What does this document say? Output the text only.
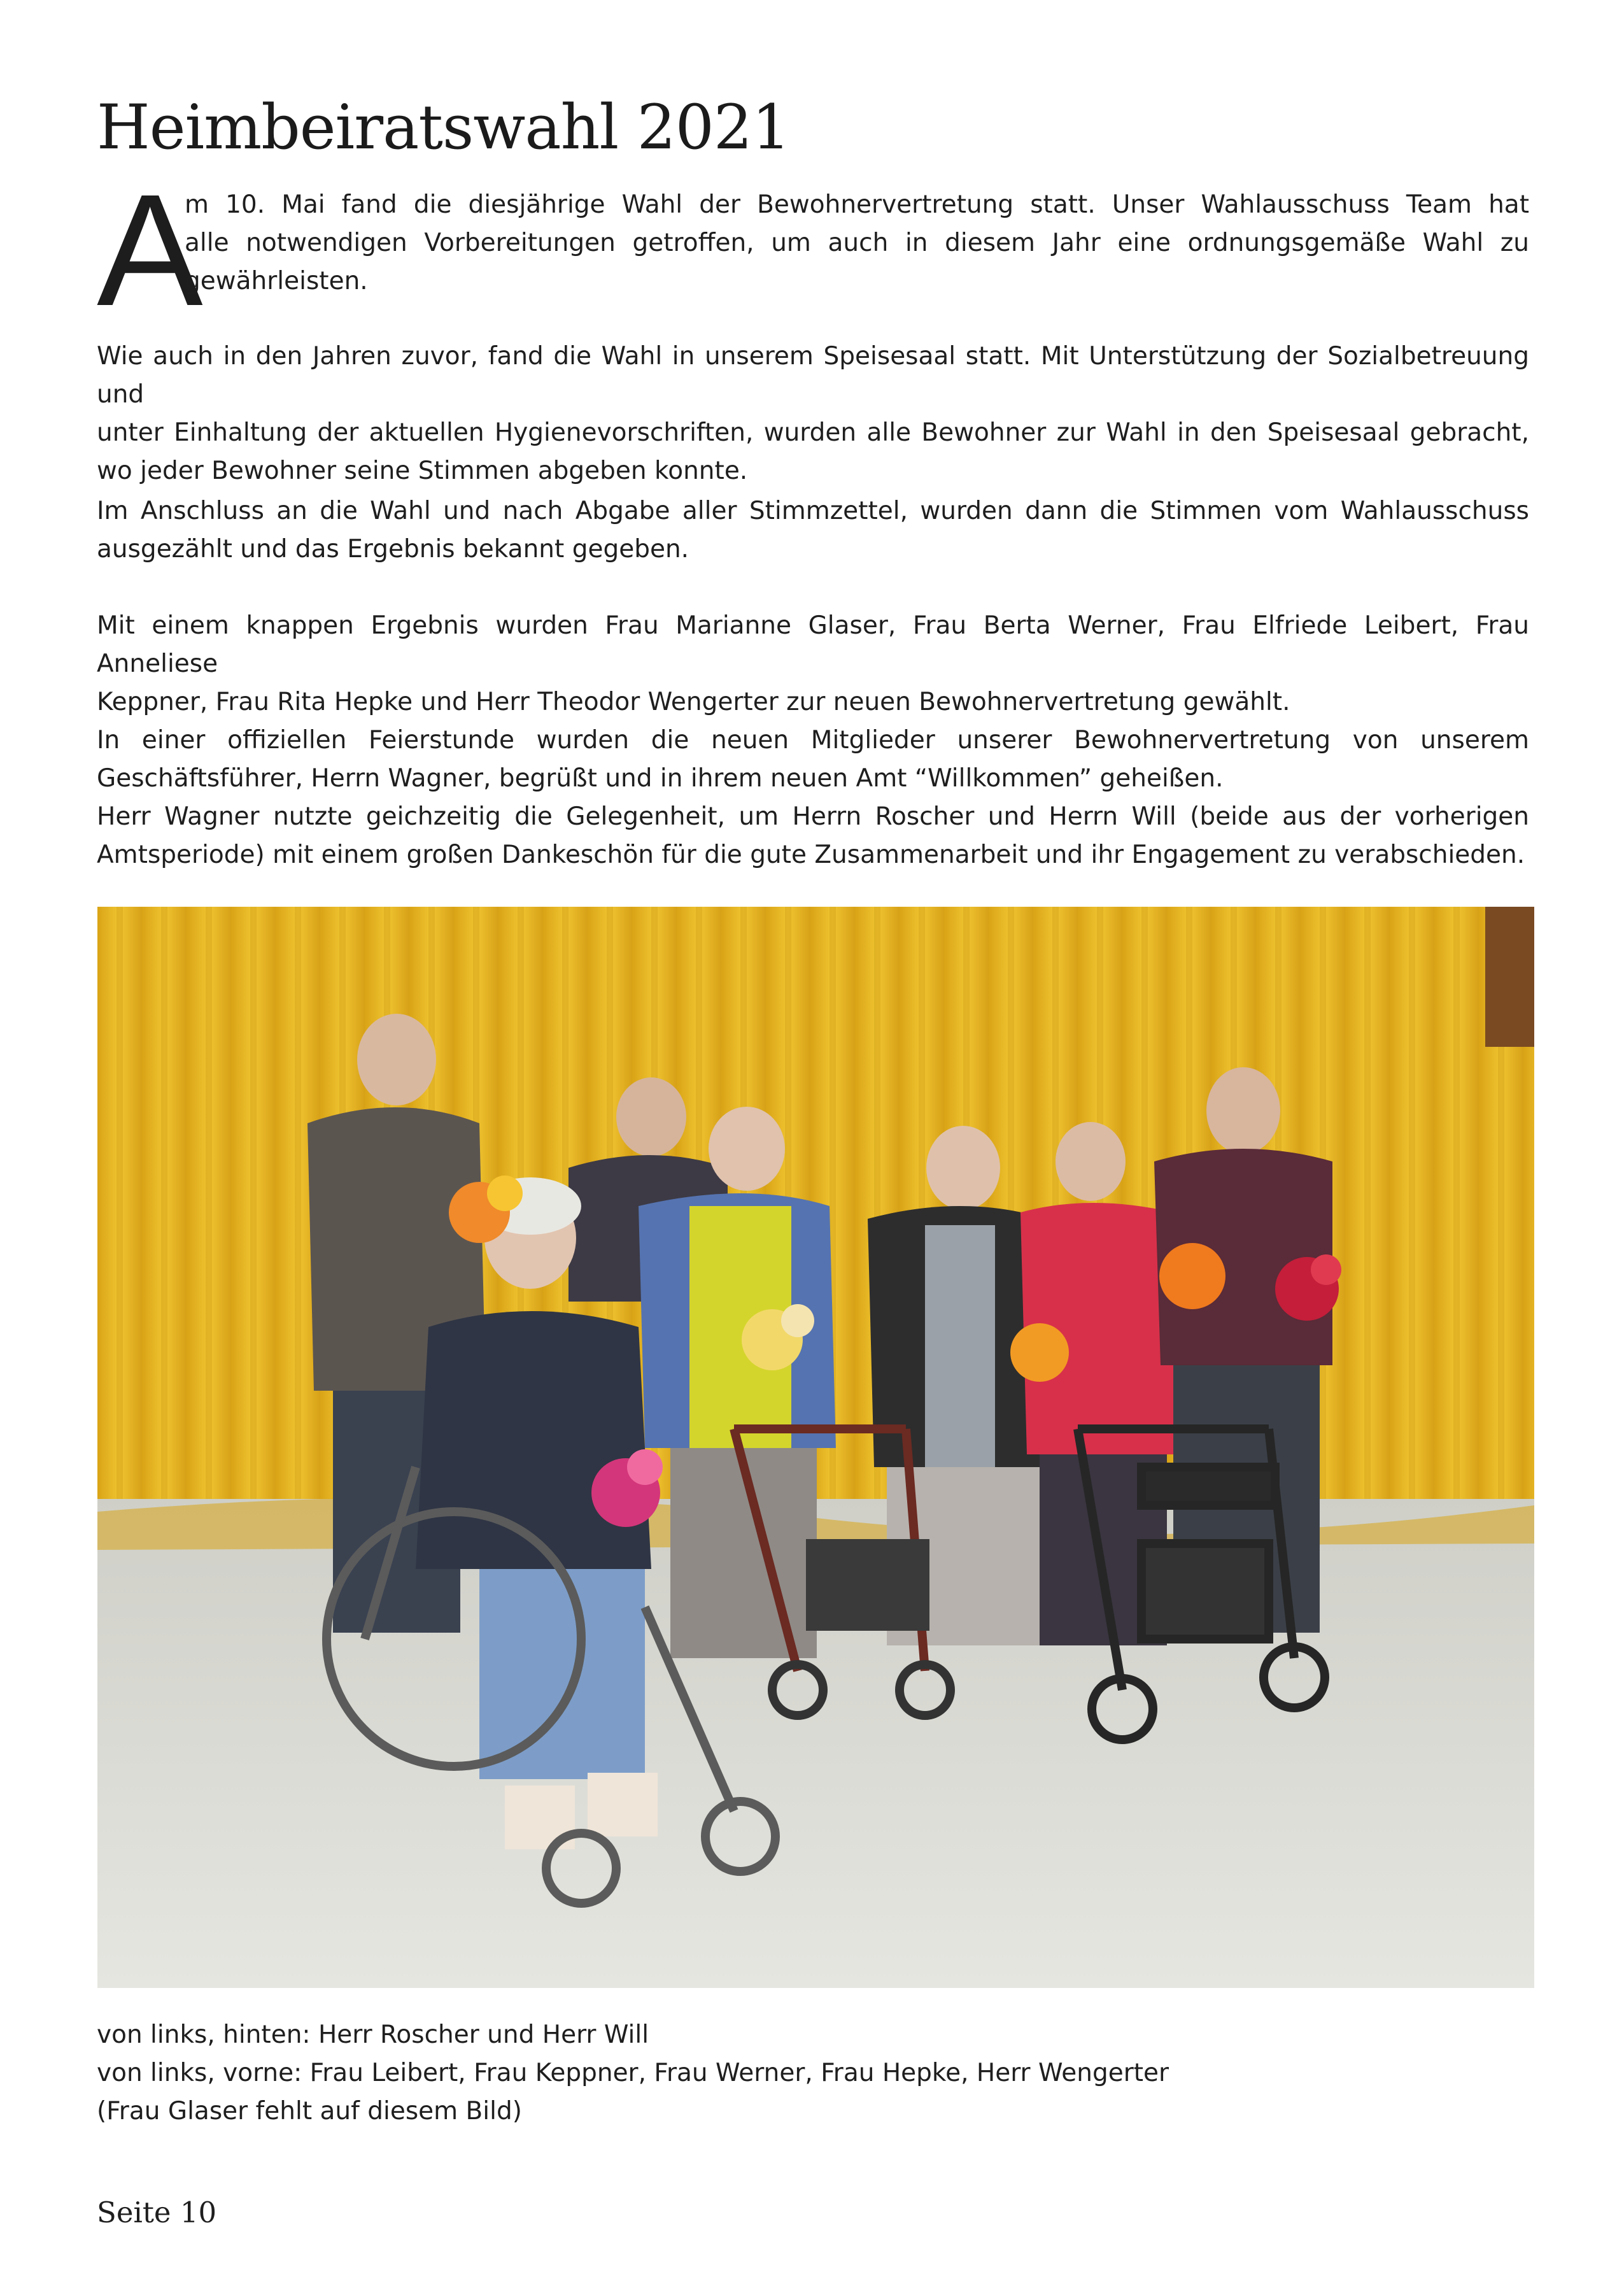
Heimbeiratswahl 2021
A

m 10. Mai fand die diesjährige Wahl der Bewohnervertretung statt. Unser Wahlausschuss Team hat
alle notwendigen Vorbereitungen getroffen, um auch in diesem Jahr eine ordnungsgemäße Wahl zu
gewährleisten.

Wie auch in den Jahren zuvor, fand die Wahl in unserem Speisesaal statt. Mit Unterstützung der Sozialbetreuung und
unter Einhaltung der aktuellen Hygienevorschriften, wurden alle Bewohner zur Wahl in den Speisesaal gebracht,
wo jeder Bewohner seine Stimmen abgeben konnte.

Im Anschluss an die Wahl und nach Abgabe aller Stimmzettel, wurden dann die Stimmen vom Wahlausschuss
ausgezählt und das Ergebnis bekannt gegeben.

Mit einem knappen Ergebnis wurden Frau Marianne Glaser, Frau Berta Werner, Frau Elfriede Leibert, Frau Anneliese
Keppner, Frau Rita Hepke und Herr Theodor Wengerter zur neuen Bewohnervertretung gewählt.

In einer offiziellen Feierstunde wurden die neuen Mitglieder unserer Bewohnervertretung von unserem
Geschäftsführer, Herrn Wagner, begrüßt und in ihrem neuen Amt “Willkommen” geheißen.
Herr Wagner nutzte geichzeitig die Gelegenheit, um Herrn Roscher und Herrn Will (beide aus der vorherigen
Amtsperiode) mit einem großen Dankeschön für die gute Zusammenarbeit und ihr Engagement zu verabschieden.

von links, hinten: Herr Roscher und Herr Will
von links, vorne: Frau Leibert, Frau Keppner, Frau Werner, Frau Hepke, Herr Wengerter
(Frau Glaser fehlt auf diesem Bild)
Seite 10
